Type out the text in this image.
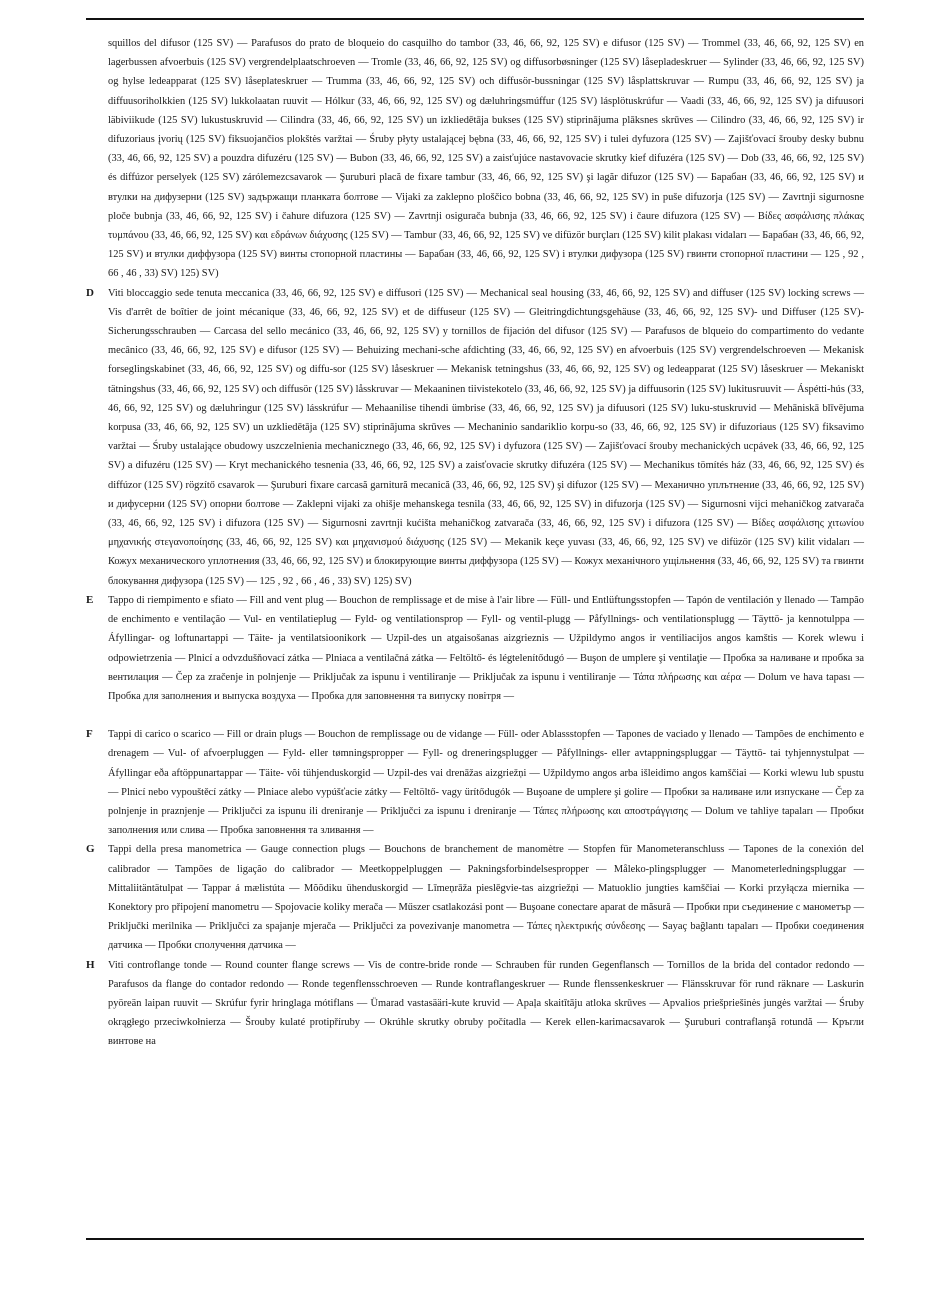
squillos del difusor (125 SV) — Parafusos do prato de bloqueio do casquilho do tambor (33, 46, 66, 92, 125 SV) e difusor (125 SV) — Trommel (33, 46, 66, 92, 125 SV) en lagerbussen afvoerbuis (125 SV) vergrendelplaatschroeven — Tromle (33, 46, 66, 92, 125 SV) og diffusorbøsninger (125 SV) låsepladeskruer — Sylinder (33, 46, 66, 92, 125 SV) og hylse ledeapparat (125 SV) låseplateskruer — Trumma (33, 46, 66, 92, 125 SV) och diffusör-bussningar (125 SV) låsplattskruvar — Rumpu (33, 46, 66, 92, 125 SV) ja diffuusoriholkkien (125 SV) lukkolaatan ruuvit — Hólkur (33, 46, 66, 92, 125 SV) og dæluhringsmúffur (125 SV) lásplötuskrúfur — Vaadi (33, 46, 66, 92, 125 SV) ja difuusori läbiviikude (125 SV) lukustuskruvid — Cilindra (33, 46, 66, 92, 125 SV) un izkliedētāja bukses (125 SV) stiprinājuma plāksnes skrūves — Cilindro (33, 46, 66, 92, 125 SV) ir difuzoriaus įvorių (125 SV) fiksuojančios plokštės varžtai — Śruby płyty ustalającej bębna (33, 46, 66, 92, 125 SV) i tulei dyfuzora (125 SV) — Zajišťovací šrouby desky bubnu (33, 46, 66, 92, 125 SV) a pouzdra difuzéru (125 SV) — Bubon (33, 46, 66, 92, 125 SV) a zaisťujúce nastavovacie skrutky kief difuzéra (125 SV) — Dob (33, 46, 66, 92, 125 SV) és diffúzor perselyek (125 SV) zárólemezcsavarok — Şuruburi placă de fixare tambur (33, 46, 66, 92, 125 SV) şi lagăr difuzor (125 SV) — Барабан (33, 46, 66, 92, 125 SV) и втулки на дифузерни (125 SV) задържащи планката болтове — Vijaki za zaklepno ploščico bobna (33, 46, 66, 92, 125 SV) in puše difuzorja (125 SV) — Zavrtnji sigurnosne ploče bubnja (33, 46, 66, 92, 125 SV) i čahure difuzora (125 SV) — Zavrtnji osigurača bubnja (33, 46, 66, 92, 125 SV) i čaure difuzora (125 SV) — Βίδες ασφάλισης πλάκας τυμπάνου (33, 46, 66, 92, 125 SV) και εδράνων διάχυσης (125 SV) — Tambur (33, 46, 66, 92, 125 SV) ve difüzör burçları (125 SV) kilit plakası vidaları — Барабан (33, 46, 66, 92, 125 SV) и втулки диффузора (125 SV) винты стопорной пластины — Барабан (33, 46, 66, 92, 125 SV) і втулки дифузора (125 SV) гвинти стопорної пластини — 125 , 92 , 66 , 46 , 33) SV) 125) SV)
D Viti bloccaggio sede tenuta meccanica (33, 46, 66, 92, 125 SV) e diffusori (125 SV) — Mechanical seal housing (33, 46, 66, 92, 125 SV) and diffuser (125 SV) locking screws — Vis d'arrêt de boîtier de joint mécanique (33, 46, 66, 92, 125 SV) et de diffuseur (125 SV) — Gleitringdichtungsgehäuse (33, 46, 66, 92, 125 SV)- und Diffuser (125 SV)- Sicherungsschrauben — Carcasa del sello mecánico (33, 46, 66, 92, 125 SV) y tornillos de fijación del difusor (125 SV) — Parafusos de blqueio do compartimento do vedante mecânico (33, 46, 66, 92, 125 SV) e difusor (125 SV) — Behuizing mechani-sche afdichting (33, 46, 66, 92, 125 SV) en afvoerbuis (125 SV) vergrendelschroeven — Mekanisk forseglingskabinet (33, 46, 66, 92, 125 SV) og diffu-sor (125 SV) låseskruer — Mekanisk tetningshus (33, 46, 66, 92, 125 SV) og ledeapparat (125 SV) låseskruer — Mekaniskt tätningshus (33, 46, 66, 92, 125 SV) och diffusör (125 SV) låsskruvar — Mekaaninen tiivistekotelo (33, 46, 66, 92, 125 SV) ja diffuusorin (125 SV) lukitusruuvit — Áspétti-hús (33, 46, 66, 92, 125 SV) og dæluhringur (125 SV) lásskrúfur — Mehaanilise tihendi ümbrise (33, 46, 66, 92, 125 SV) ja difuusori (125 SV) luku-stuskruvid — Mehāniskā blīvējuma korpusa (33, 46, 66, 92, 125 SV) un uzkliedētāja (125 SV) stiprinājuma skrūves — Mechaninio sandariklio korpu-so (33, 46, 66, 92, 125 SV) ir difuzoriaus (125 SV) fiksavimo varžtai — Śruby ustalające obudowy uszczelnienia mechanicznego (33, 46, 66, 92, 125 SV) i dyfuzora (125 SV) — Zajišťovací šrouby mechanických ucpávek (33, 46, 66, 92, 125 SV) a difuzéru (125 SV) — Kryt mechanického tesnenia (33, 46, 66, 92, 125 SV) a zaisťovacie skrutky difuzéra (125 SV) — Mechanikus tömítés ház (33, 46, 66, 92, 125 SV) és diffúzor (125 SV) rögzítő csavarok — Şuruburi fixare carcasă garnitură mecanică (33, 46, 66, 92, 125 SV) şi difuzor (125 SV) — Механично уплътнение (33, 46, 66, 92, 125 SV) и дифусерни (125 SV) опорни болтове — Zaklepni vijaki za ohišje mehanskega tesnila (33, 46, 66, 92, 125 SV) in difuzorja (125 SV) — Sigurnosni vijci mehaničkog zatvarača (33, 46, 66, 92, 125 SV) i difuzora (125 SV) — Sigurnosni zavrtnji kućišta mehaničkog zatvarača (33, 46, 66, 92, 125 SV) i difuzora (125 SV) — Βίδες ασφάλισης χιτωνίου μηχανικής στεγανοποίησης (33, 46, 66, 92, 125 SV) και μηχανισμού διάχυσης (125 SV) — Mekanik keçe yuvası (33, 46, 66, 92, 125 SV) ve difüzör (125 SV) kilit vidaları — Кожух механического уплотнения (33, 46, 66, 92, 125 SV) и блокирующие винты диффузора (125 SV) — Кожух механічного ущільнення (33, 46, 66, 92, 125 SV) та гвинти блокування дифузора (125 SV) — 125 , 92 , 66 , 46 , 33) SV) 125) SV)
E Tappo di riempimento e sfiato — Fill and vent plug — Bouchon de remplissage et de mise à l'air libre — Füll- und Entlüftungsstopfen — Tapón de ventilación y llenado — Tampão de enchimento e ventilação — Vul- en ventilatieplug — Fyld- og ventilationsprop — Fyll- og ventil-plugg — Påfyllnings- och ventilationsplugg — Täyttö- ja kennotulppa — Áfyllingar- og loftunartappi — Täite- ja ventilatsioonikork — Uzpil-des un atgaisošanas aizgrieznis — Užpildymo angos ir ventiliacijos angos kamštis — Korek wlewu i odpowietrzenia — Plnicí a odvzdušňovací zátka — Plniaca a ventilačná zátka — Feltöltő- és légtelenítődugó — Buşon de umplere şi ventilaţie — Пробка за наливане и пробка за вентилация — Čep za zračenje in polnjenje — Priključak za ispunu i ventiliranje — Priključak za ispunu i ventiliranje — Τάπα πλήρωσης και αέρα — Dolum ve hava tapası — Пробка для заполнения и выпуска воздуха — Пробка для заповнення та випуску повітря —
F Tappi di carico o scarico — Fill or drain plugs — Bouchon de remplissage ou de vidange — Füll- oder Ablassstopfen — Tapones de vaciado y llenado — Tampões de enchimento e drenagem — Vul- of afvoerpluggen — Fyld- eller tømningspropper — Fyll- og dreneringsplugger — Påfyllnings- eller avtappningspluggar — Täyttö- tai tyhjennystulpat — Áfyllingar eða aftöppunartappar — Täite- või tühjenduskorgid — Uzpil-des vai drenāžas aizgriežņi — Užpildymo angos arba išleidimo angos kamščiai — Korki wlewu lub spustu — Plnicí nebo vypouštěcí zátky — Plniace alebo vypúšťacie zátky — Feltöltő- vagy ürítődugók — Buşoane de umplere şi golire — Пробки за наливане или изпускане — Čep za polnjenje in praznjenje — Priključci za ispunu ili dreniranje — Priključci za ispunu i dreniranje — Τάπες πλήρωσης και αποστράγγισης — Dolum ve tahliye tapaları — Пробки заполнения или слива — Пробка заповнення та зливання —
G Tappi della presa manometrica — Gauge connection plugs — Bouchons de branchement de manomètre — Stopfen für Manometeranschluss — Tapones de la conexión del calibrador — Tampões de ligação do calibrador — Meetkoppelpluggen — Pakningsforbindelsespropper — Måleko-plingsplugger — Manometerledningspluggar — Mittaliitäntätulpat — Tappar á mælistúta — Mõõdiku ühenduskorgid — Līmeņrāža pieslēgvie-tas aizgriežņi — Matuoklio jungties kamščiai — Korki przyłącza miernika — Konektory pro připojení manometru — Spojovacie koliky merača — Műszer csatlakozási pont — Buşoane conectare aparat de măsură — Пробки при съединение с манометър — Priključki merilnika — Priključci za spajanje mjerača — Priključci za povezivanje manometra — Τάπες ηλεκτρικής σύνδεσης — Sayaç bağlantı tapaları — Пробки соединения датчика — Пробки сполучення датчика —
H Viti controflange tonde — Round counter flange screws — Vis de contre-bride ronde — Schrauben für runden Gegenflansch — Tornillos de la brida del contador redondo — Parafusos da flange do contador redondo — Ronde tegenflensschroeven — Runde kontraflangeskruer — Runde flenssenkeskruer — Flänsskruvar för rund räknare — Laskurin pyöreän laipan ruuvit — Skrúfur fyrir hringlaga mótiflans — Ümarad vastasääri-kute kruvid — Apaļa skaitītāju atloka skrūves — Apvalios priešpriešinės jungės varžtai — Śruby okrągłego przeciwkołnierza — Šrouby kulaté protipříruby — Okrúhle skrutky obruby počítadla — Kerek ellen-karimacsavarok — Şuruburi contraflanşă rotundă — Кръгли винтове на
